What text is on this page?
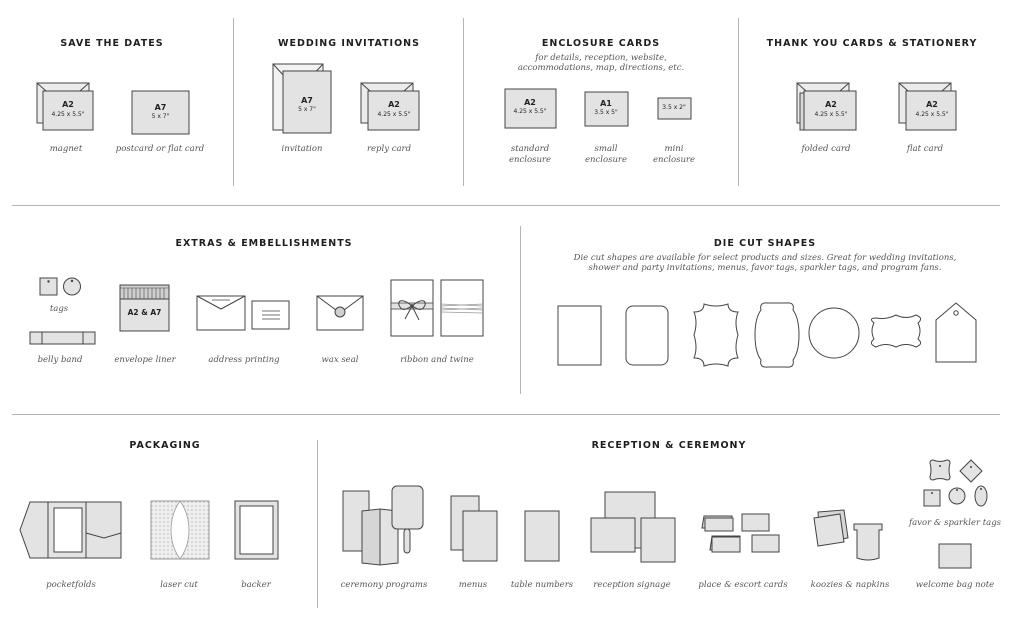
SAVE THE DATES
A2
4.25 x 5.5"
magnet
A7
5 x 7"
postcard or flat card
WEDDING INVITATIONS
A7
5 x 7"
invitation
A2
4.25 x 5.5"
reply card
ENCLOSURE CARDS
for details, reception, website,
accommodations, map, directions, etc.
A2
4.25 x 5.5"
standard
enclosure
A1
3.5 x 5"
small
enclosure
3.5 x 2"
mini
enclosure
THANK YOU CARDS & STATIONERY
A2
4.25 x 5.5"
folded card
A2
4.25 x 5.5"
flat card
EXTRAS & EMBELLISHMENTS
tags
belly band
A2 & A7
envelope liner	address printing	wax seal	ribbon and twine
DIE CUT SHAPES
Die cut shapes are available for select products and sizes. Great for wedding invitations,
shower and party invitations, menus, favor tags, sparkler tags, and program fans.
PACKAGING
pocketfolds	laser cut	backer
RECEPTION & CEREMONY
ceremony programs	menus	table numbers reception signage	place & escort cards	koozies & napkins
favor & sparkler tags
welcome bag note
